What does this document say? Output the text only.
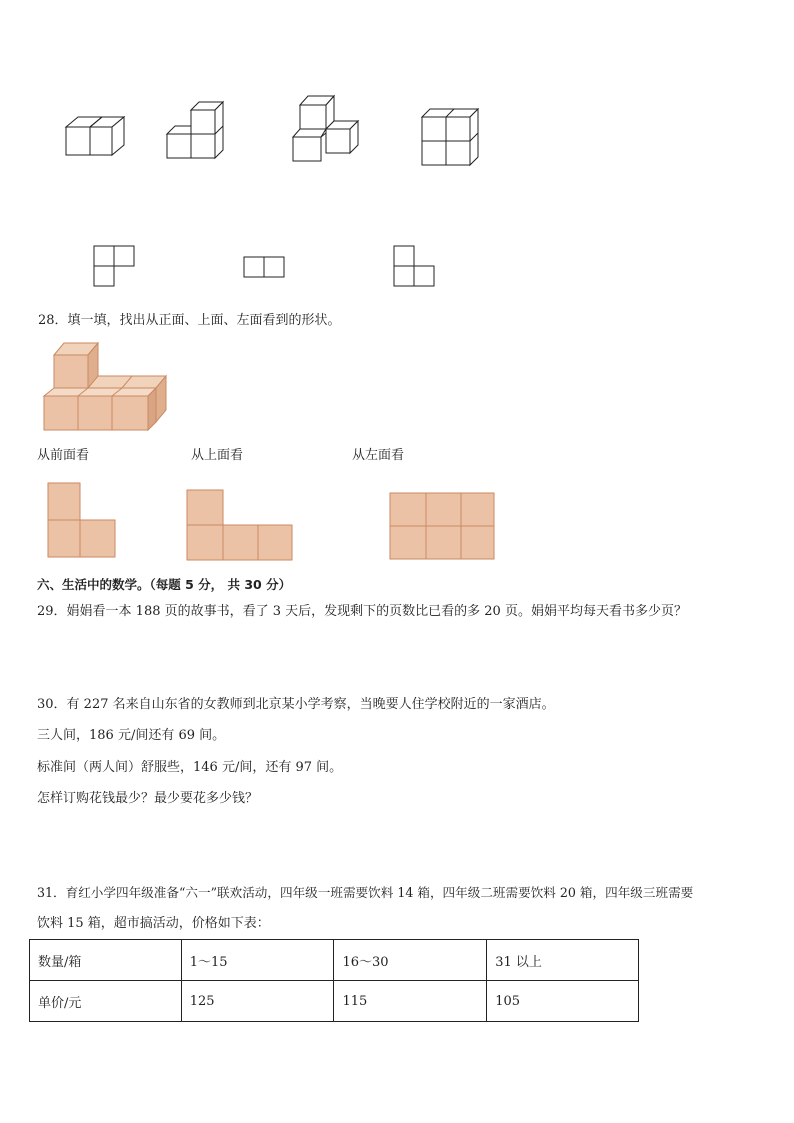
28．填一填，找出从正面、上面、左面看到的形状。
从前面看	从上面看	从左面看
六、生活中的数学。（每题 5 分， 共 30 分）
29．娟娟看一本 188 页的故事书，看了 3 天后，发现剩下的页数比已看的多 20 页。娟娟平均每天看书多少页？
30．有 227 名来自山东省的女教师到北京某小学考察，当晚要人住学校附近的一家酒店。
三人间，186 元/间还有 69 间。
标准间（两人间）舒服些，146 元/间，还有 97 间。
怎样订购花钱最少？最少要花多少钱？
31．育红小学四年级准备“六一”联欢活动，四年级一班需要饮料 14 箱，四年级二班需要饮料 20 箱，四年级三班需要
饮料 15 箱，超市搞活动，价格如下表：
数量/箱	1～15	16～30	31 以上
单价/元	125	115	105
